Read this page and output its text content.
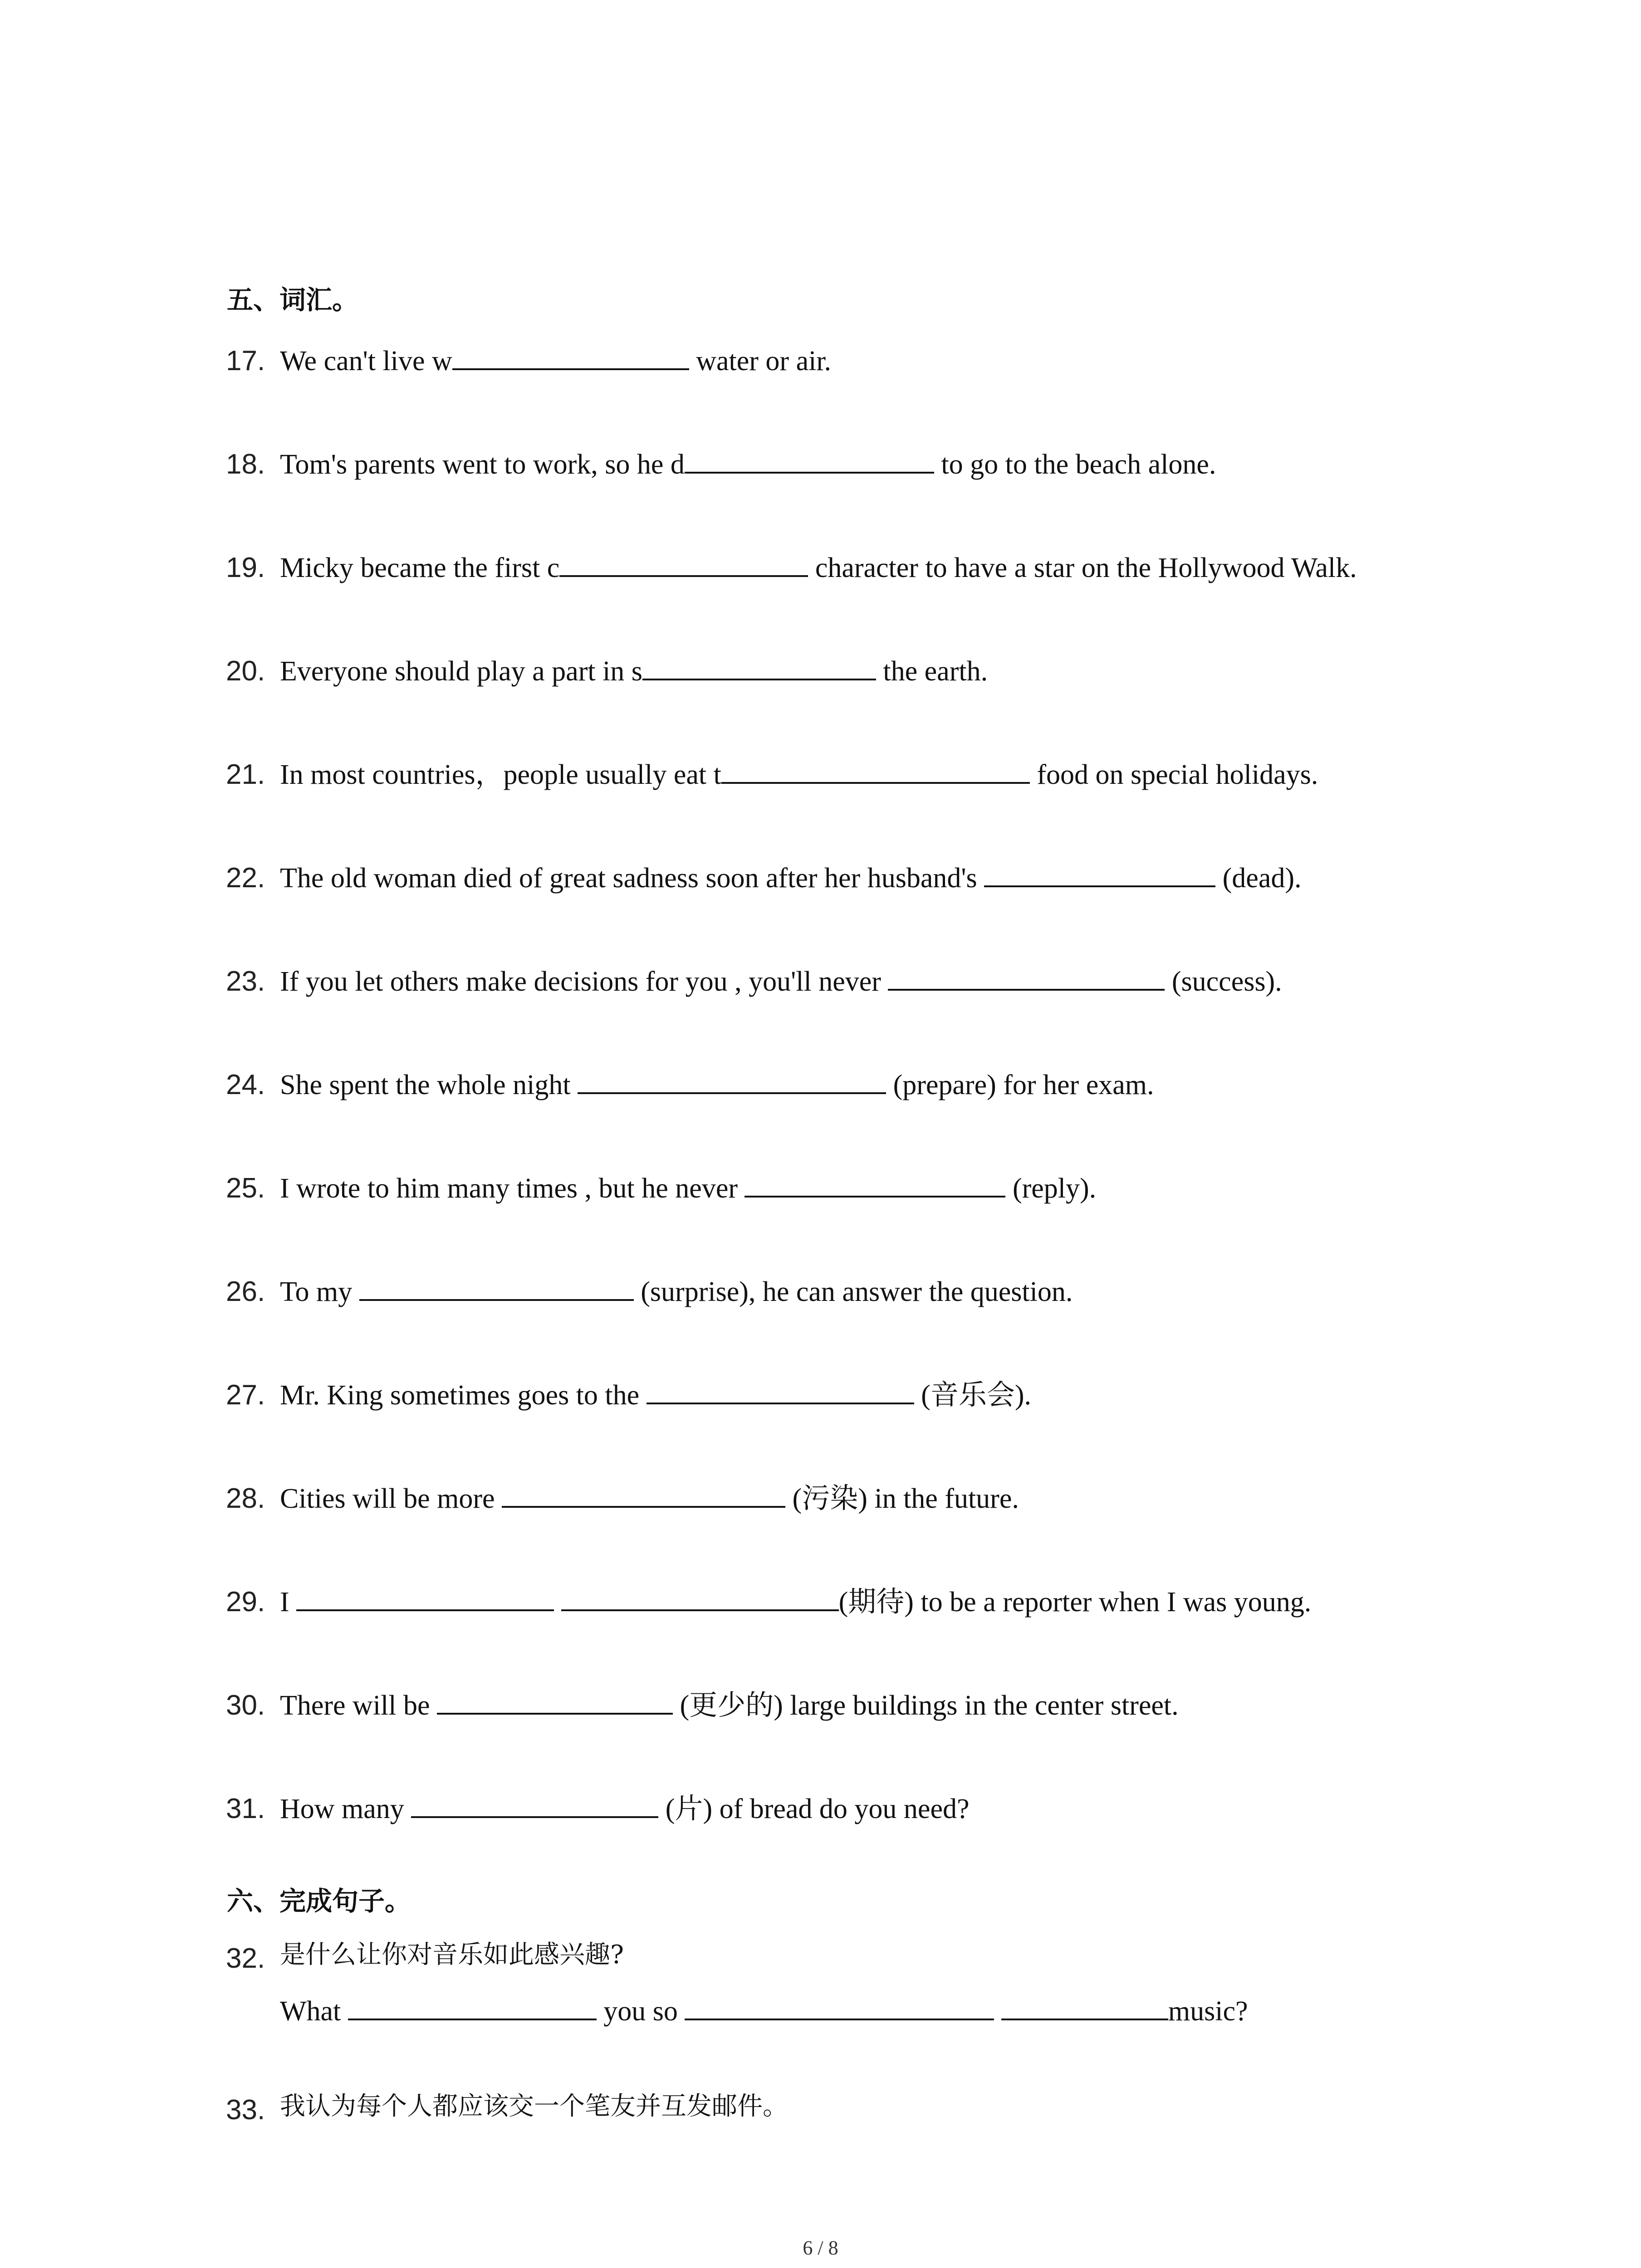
五、词汇。
17. We can't live w	water or air.
18. Tom's parents went to work, so he d	to go to the beach alone.
19. Micky became the first c	character to have a star on the Hollywood Walk.
20. Everyone should play a part in s	the earth.
21. In most countries，people usually eat t	food on special holidays.
22. The old woman died of great sadness soon after her husband's	(dead).
23. If you let others make decisions for you , you'll never	(success).
24. She spent the whole night	(prepare) for her exam.
25. I wrote to him many times , but he never	(reply).
26. To my	(surprise), he can answer the question.
27. Mr. King sometimes goes to the	(音乐会).
28. Cities will be more	(污染) in the future.
29. I	(期待) to be a reporter when I was young.
30. There will be	(更少的) large buildings in the center street.
31. How many	(片) of bread do you need?
六、完成句子。
32. 是什么让你对音乐如此感兴趣?
What	you so	music?
33. 我认为每个人都应该交一个笔友并互发邮件。
6 / 8
